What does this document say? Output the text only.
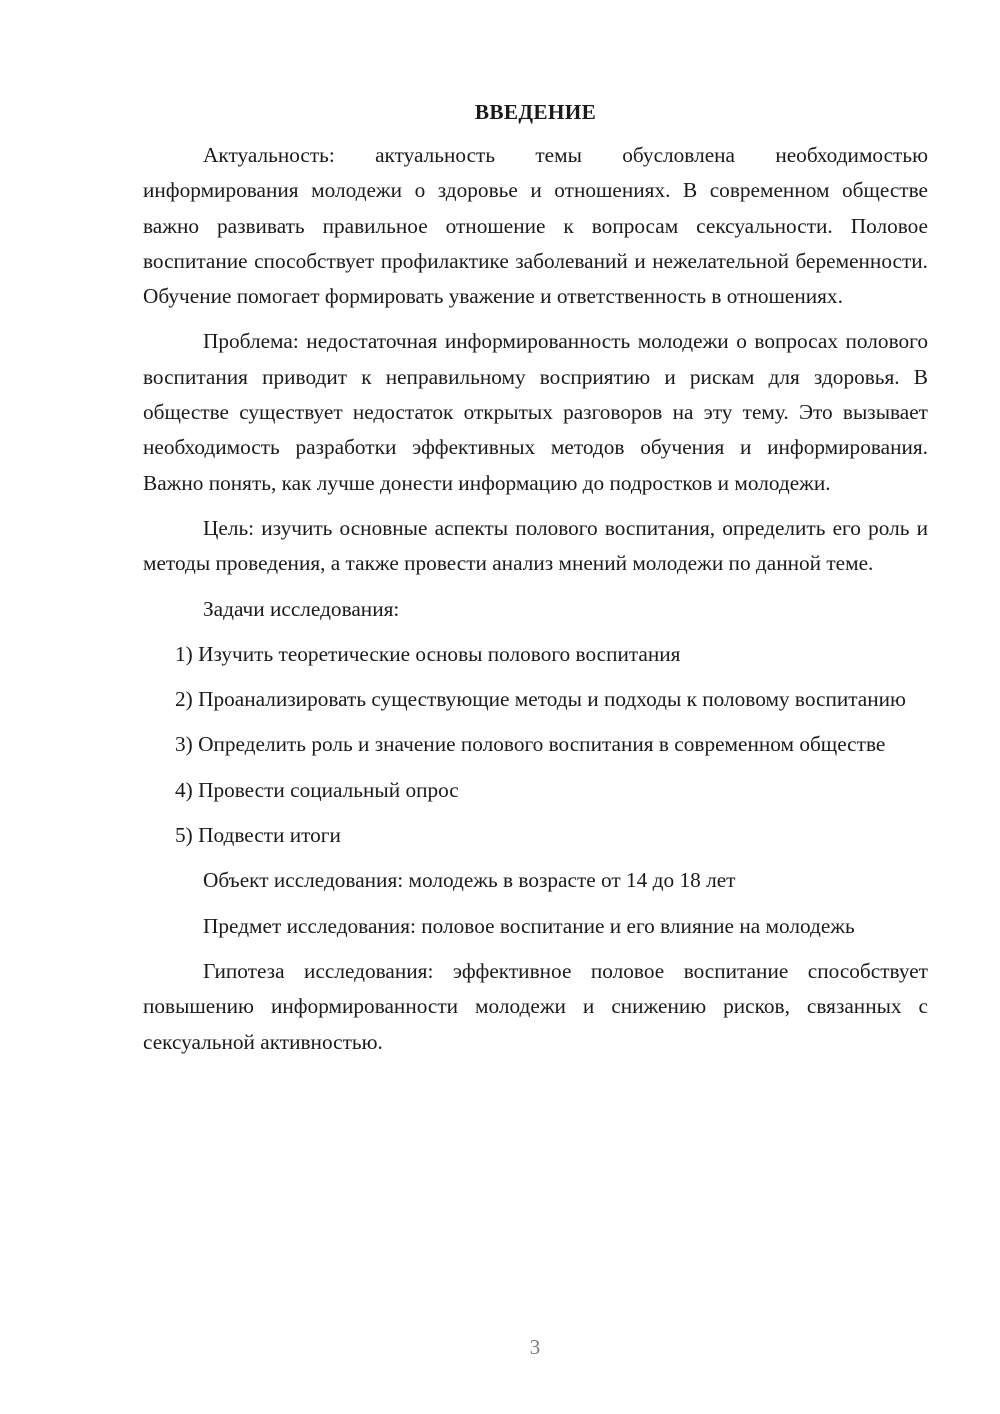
ВВЕДЕНИЕ

Актуальность: актуальность темы обусловлена необходимостью информирования молодежи о здоровье и отношениях. В современном обществе важно развивать правильное отношение к вопросам сексуальности. Половое воспитание способствует профилактике заболеваний и нежелательной беременности. Обучение помогает формировать уважение и ответственность в отношениях.

Проблема: недостаточная информированность молодежи о вопросах полового воспитания приводит к неправильному восприятию и рискам для здоровья. В обществе существует недостаток открытых разговоров на эту тему. Это вызывает необходимость разработки эффективных методов обучения и информирования. Важно понять, как лучше донести информацию до подростков и молодежи.

Цель: изучить основные аспекты полового воспитания, определить его роль и методы проведения, а также провести анализ мнений молодежи по данной теме.

Задачи исследования:

1) Изучить теоретические основы полового воспитания

2) Проанализировать существующие методы и подходы к половому воспитанию

3) Определить роль и значение полового воспитания в современном обществе

4) Провести социальный опрос

5) Подвести итоги

Объект исследования: молодежь в возрасте от 14 до 18 лет

Предмет исследования: половое воспитание и его влияние на молодежь

Гипотеза исследования: эффективное половое воспитание способствует повышению информированности молодежи и снижению рисков, связанных с сексуальной активностью.

3
